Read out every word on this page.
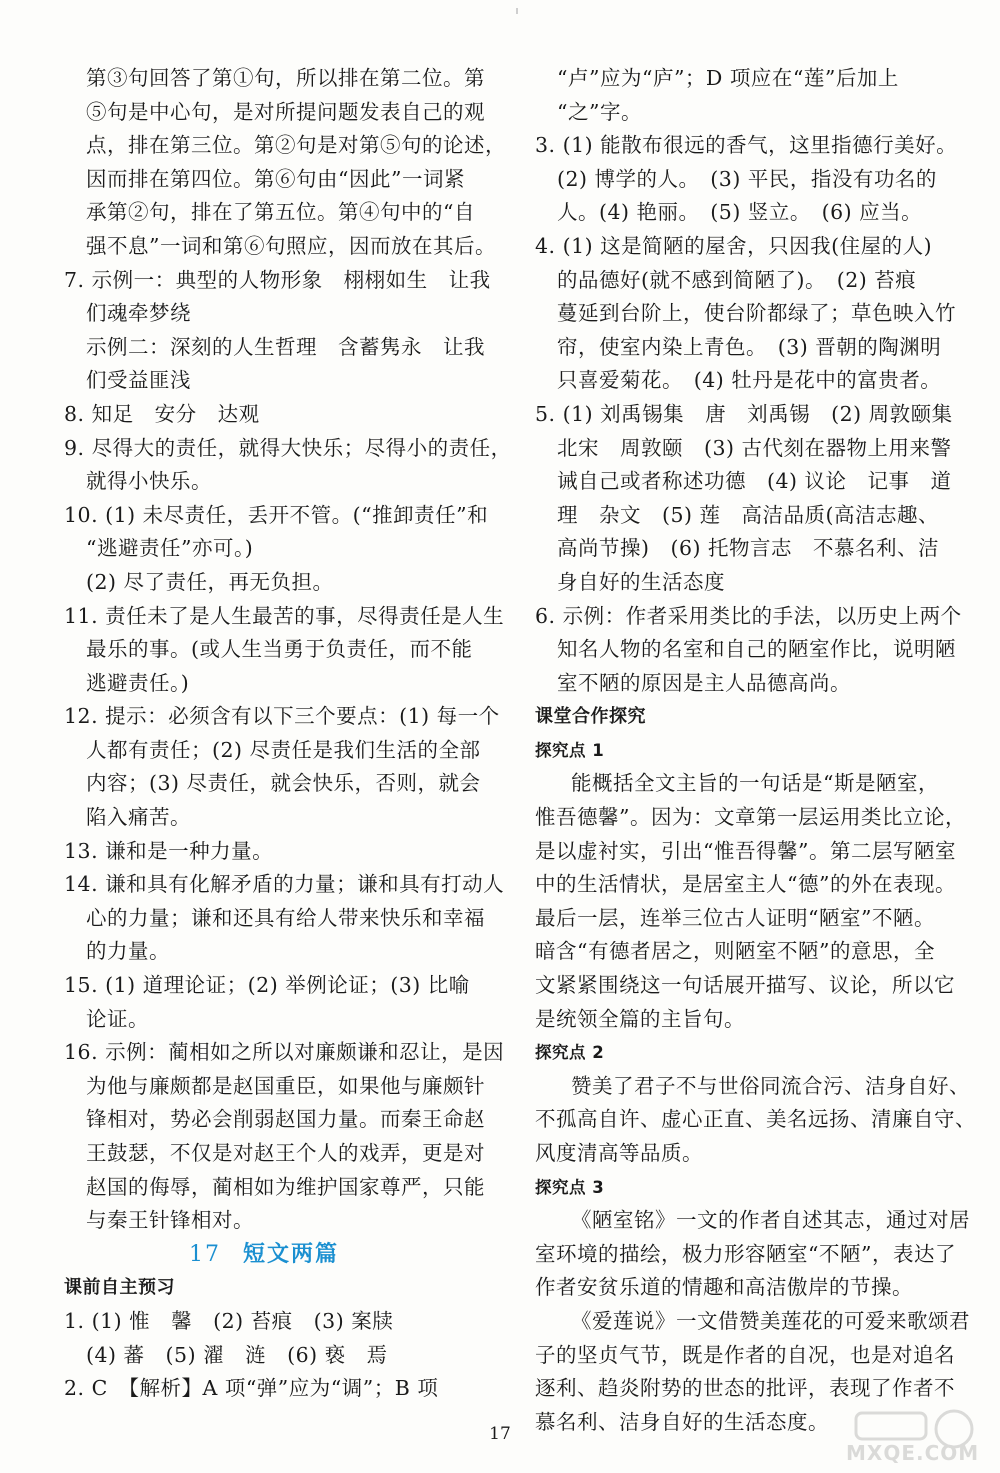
第③句回答了第①句，所以排在第二位。第
⑤句是中心句，是对所提问题发表自己的观
点，排在第三位。第②句是对第⑤句的论述，
因而排在第四位。第⑥句由“因此”一词紧
承第②句，排在了第五位。第④句中的“自
强不息”一词和第⑥句照应，因而放在其后。
7. 示例一：典型的人物形象　栩栩如生　让我
们魂牵梦绕
示例二：深刻的人生哲理　含蓄隽永　让我
们受益匪浅
8. 知足　安分　达观
9. 尽得大的责任，就得大快乐；尽得小的责任，
就得小快乐。
10. (1) 未尽责任，丢开不管。(“推卸责任”和
“逃避责任”亦可。)
(2) 尽了责任，再无负担。
11. 责任未了是人生最苦的事，尽得责任是人生
最乐的事。(或人生当勇于负责任，而不能
逃避责任。)
12. 提示：必须含有以下三个要点：(1) 每一个
人都有责任；(2) 尽责任是我们生活的全部
内容；(3) 尽责任，就会快乐，否则，就会
陷入痛苦。
13. 谦和是一种力量。
14. 谦和具有化解矛盾的力量；谦和具有打动人
心的力量；谦和还具有给人带来快乐和幸福
的力量。
15. (1) 道理论证；(2) 举例论证；(3) 比喻
论证。
16. 示例：蔺相如之所以对廉颇谦和忍让，是因
为他与廉颇都是赵国重臣，如果他与廉颇针
锋相对，势必会削弱赵国力量。而秦王命赵
王鼓瑟，不仅是对赵王个人的戏弄，更是对
赵国的侮辱，蔺相如为维护国家尊严，只能
与秦王针锋相对。
17 短文两篇
课前自主预习
1. (1) 惟　馨　(2) 苔痕　(3) 案牍
(4) 蕃　(5) 濯　涟　(6) 亵　焉
2. C　【解析】A 项“弹”应为“调”；B 项
“卢”应为“庐”；D 项应在“莲”后加上
“之”字。
3. (1) 能散布很远的香气，这里指德行美好。
(2) 博学的人。　(3) 平民，指没有功名的
人。(4) 艳丽。　(5) 竖立。　(6) 应当。
4. (1) 这是简陋的屋舍，只因我(住屋的人)
的品德好(就不感到简陋了)。　(2) 苔痕
蔓延到台阶上，使台阶都绿了；草色映入竹
帘，使室内染上青色。　(3) 晋朝的陶渊明
只喜爱菊花。　(4) 牡丹是花中的富贵者。
5. (1) 刘禹锡集　唐　刘禹锡　(2) 周敦颐集
北宋　周敦颐　(3) 古代刻在器物上用来警
诫自己或者称述功德　(4) 议论　记事　道
理　杂文　(5) 莲　高洁品质(高洁志趣、
高尚节操)　(6) 托物言志　不慕名利、洁
身自好的生活态度
6. 示例：作者采用类比的手法，以历史上两个
知名人物的名室和自己的陋室作比，说明陋
室不陋的原因是主人品德高尚。
课堂合作探究
探究点 1
能概括全文主旨的一句话是“斯是陋室，
惟吾德馨”。因为：文章第一层运用类比立论，
是以虚衬实，引出“惟吾得馨”。第二层写陋室
中的生活情状，是居室主人“德”的外在表现。
最后一层，连举三位古人证明“陋室”不陋。
暗含“有德者居之，则陋室不陋”的意思，全
文紧紧围绕这一句话展开描写、议论，所以它
是统领全篇的主旨句。
探究点 2
赞美了君子不与世俗同流合污、洁身自好、
不孤高自许、虚心正直、美名远扬、清廉自守、
风度清高等品质。
探究点 3
《陋室铭》一文的作者自述其志，通过对居
室环境的描绘，极力形容陋室“不陋”，表达了
作者安贫乐道的情趣和高洁傲岸的节操。
《爱莲说》一文借赞美莲花的可爱来歌颂君
子的坚贞气节，既是作者的自况，也是对追名
逐利、趋炎附势的世态的批评，表现了作者不
慕名利、洁身自好的生活态度。
17
MXQE.COM
